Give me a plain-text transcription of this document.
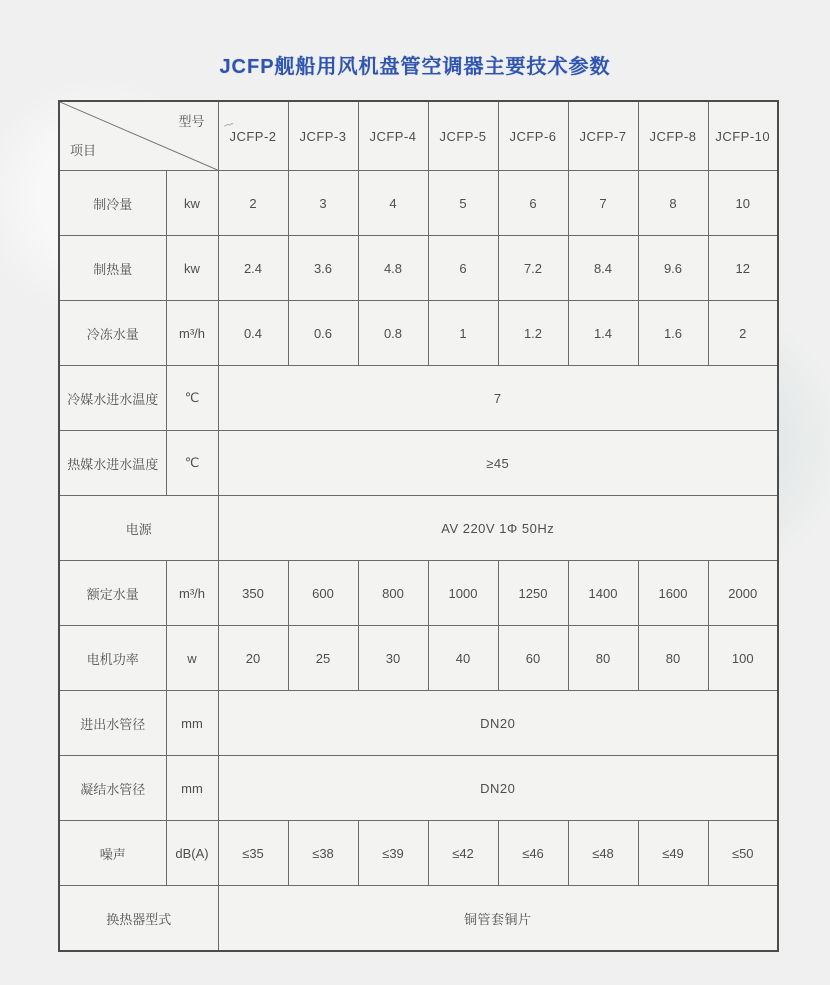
JCFP舰船用风机盘管空调器主要技术参数
型号
项目		⌇
JCFP-2	JCFP-3	JCFP-4	JCFP-5	JCFP-6	JCFP-7	JCFP-8	JCFP-10
制冷量	kw	2	3	4	5	6	7	8	10
制热量	kw	2.4	3.6	4.8	6	7.2	8.4	9.6	12
冷冻水量	m³/h	0.4	0.6	0.8	1	1.2	1.4	1.6	2
冷媒水进水温度	℃	7							
热媒水进水温度	℃	≥45							
电源		AV 220V 1Φ 50Hz							
额定水量	m³/h	350	600	800	1000	1250	1400	1600	2000
电机功率	w	20	25	30	40	60	80	80	100
进出水管径	mm	DN20							
凝结水管径	mm	DN20							
噪声	dB(A)	≤35	≤38	≤39	≤42	≤46	≤48	≤49	≤50
换热器型式		铜管套铜片							
